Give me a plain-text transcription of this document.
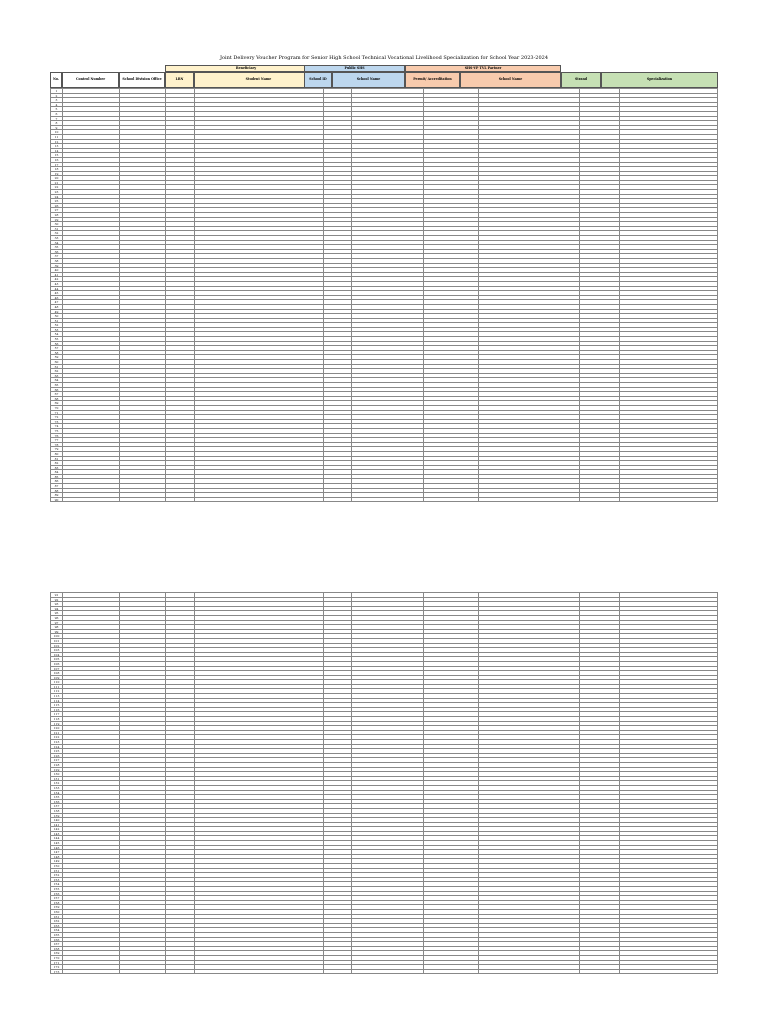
Joint Delivery Voucher Program for Senior High School Technical Vocational Livelihood Specialization for School Year 2023-2024
Beneficiary	Public SHS	SHS-VP TVL Partner
No.	Control Number	School Division Office	LRN	Student Name	School ID	School Name	Permit/ Accreditation	School Name	Strand	Specialization
1
2
3
4
5
6
7
8
9
10
11
12
13
14
15
16
17
18
19
20
21
22
23
24
25
26
27
28
29
30
31
32
33
34
35
36
37
38
39
40
41
42
43
44
45
46
47
48
49
50
51
52
53
54
55
56
57
58
59
60
61
62
63
64
65
66
67
68
69
70
71
72
73
74
75
76
77
78
79
80
81
82
83
84
85
86
87
88
89
90
91
92
93
94
95
96
97
98
99
100
101
102
103
104
105
106
107
108
109
110
111
112
113
114
115
116
117
118
119
120
121
122
123
124
125
126
127
128
129
130
131
132
133
134
135
136
137
138
139
140
141
142
143
144
145
146
147
148
149
150
151
152
153
154
155
156
157
158
159
160
161
162
163
164
165
166
167
168
169
170
171
172
173
